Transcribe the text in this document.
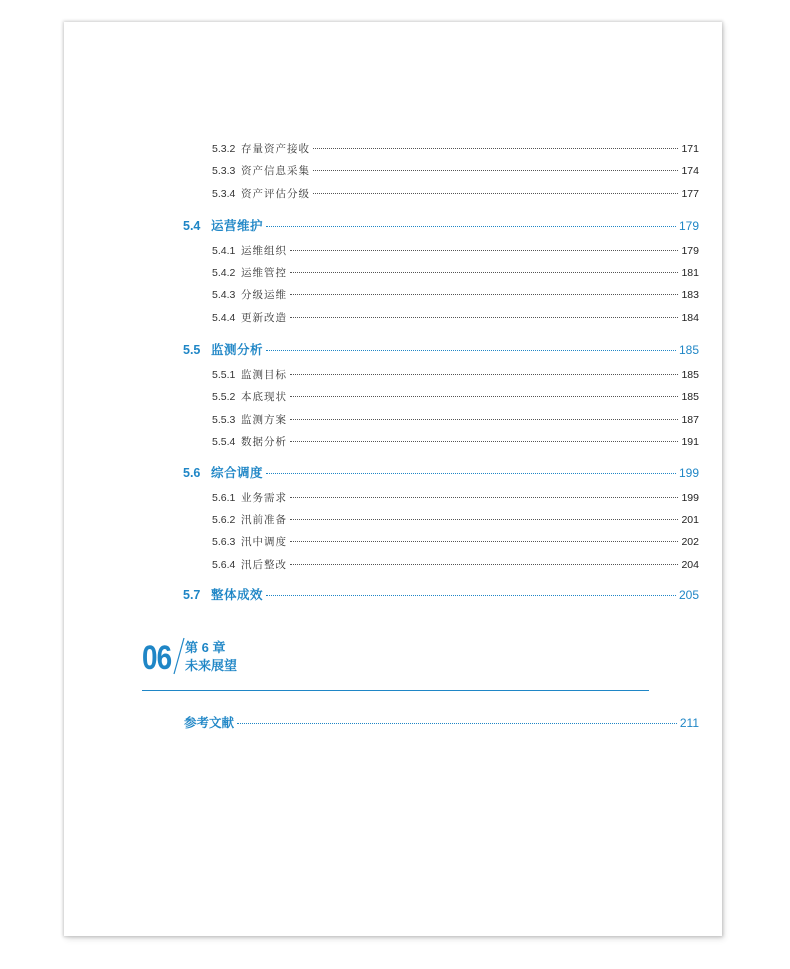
5.3.2 存量资产接收	171
5.3.3 资产信息采集	174
5.3.4 资产评估分级	177
5.4 运营维护	179
5.4.1 运维组织	179
5.4.2 运维管控	181
5.4.3 分级运维	183
5.4.4 更新改造	184
5.5 监测分析	185
5.5.1 监测目标	185
5.5.2 本底现状	185
5.5.3 监测方案	187
5.5.4 数据分析	191
5.6 综合调度	199
5.6.1 业务需求	199
5.6.2 汛前准备	201
5.6.3 汛中调度	202
5.6.4 汛后整改	204
5.7 整体成效	205
06 第 6 章
未来展望
参考文献	211
